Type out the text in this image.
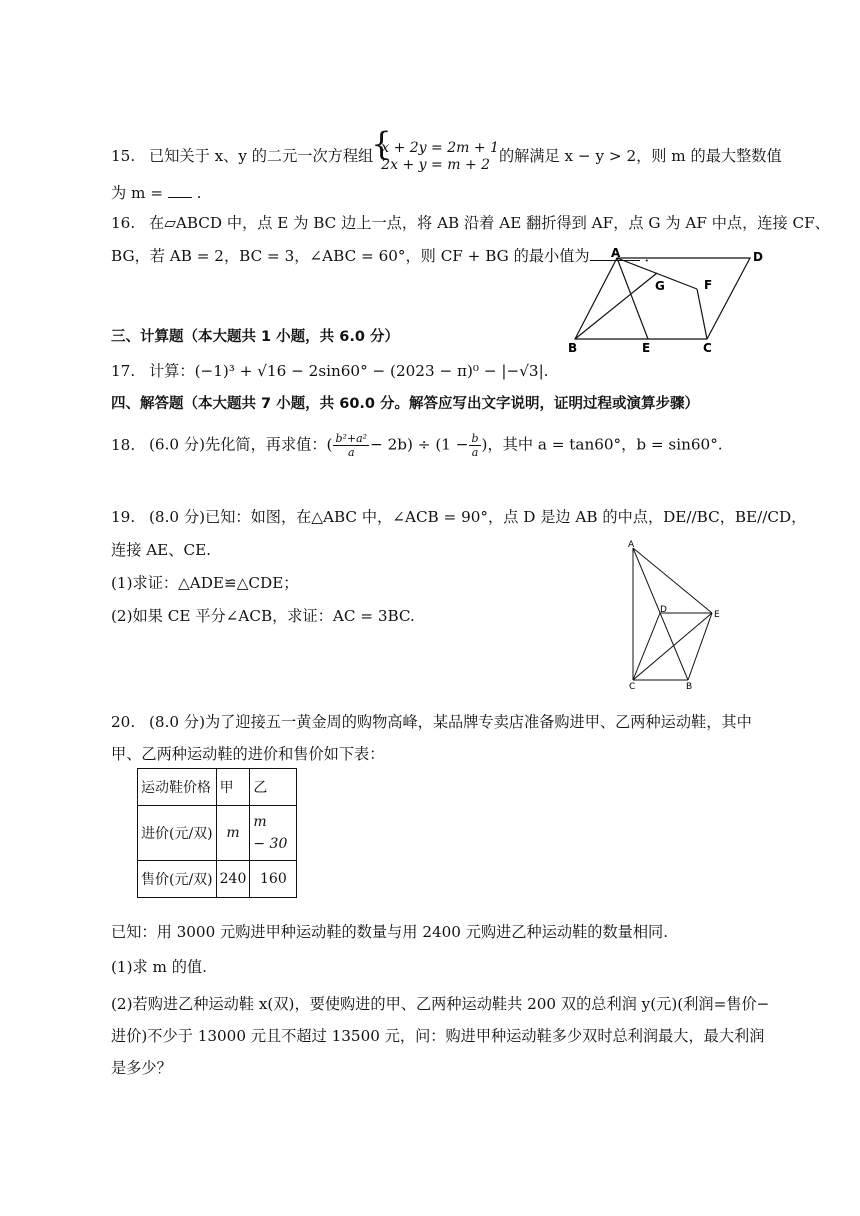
15. 已知关于 x、y 的二元一次方程组 { x + 2y = 2m + 1
2x + y = m + 2 的解满足 x − y > 2，则 m 的最大整数值
为 m = .
16. 在▱ABCD 中，点 E 为 BC 边上一点，将 AB 沿着 AE 翻折得到 AF，点 G 为 AF 中点，连接 CF、
BG，若 AB = 2，BC = 3，∠ABC = 60°，则 CF + BG 的最小值为	．
A	D
G	F
B	E	C
三、计算题（本大题共 1 小题，共 6.0 分）
17. 计算：(−1)³ + √16 − 2sin60° − (2023 − π)⁰ − |−√3|.
四、解答题（本大题共 7 小题，共 60.0 分。解答应写出文字说明，证明过程或演算步骤）
18. (6.0 分)先化简，再求值：( $\frac{\text{b²+a²}}{a} - 2b) \div (1 - \frac{b}{a}$ )，其中 a = tan60°，b = sin60°.
19. (8.0 分)已知：如图，在△ABC 中，∠ACB = 90°，点 D 是边 AB 的中点，DE//BC，BE//CD，
连接 AE、CE.
(1)求证：△ADE≌△CDE；
(2)如果 CE 平分∠ACB，求证：AC = 3BC.
A
D	E
C	B
20. (8.0 分)为了迎接五一黄金周的购物高峰，某品牌专卖店准备购进甲、乙两种运动鞋，其中
甲、乙两种运动鞋的进价和售价如下表：
运动鞋价格	甲	乙
进价(元/双)	m	m
− 30

售价(元/双)	240	160
已知：用 3000 元购进甲种运动鞋的数量与用 2400 元购进乙种运动鞋的数量相同.
(1)求 m 的值.
(2)若购进乙种运动鞋 x(双)，要使购进的甲、乙两种运动鞋共 200 双的总利润 y(元)(利润=售价−
进价)不少于 13000 元且不超过 13500 元，问：购进甲种运动鞋多少双时总利润最大，最大利润
是多少？
